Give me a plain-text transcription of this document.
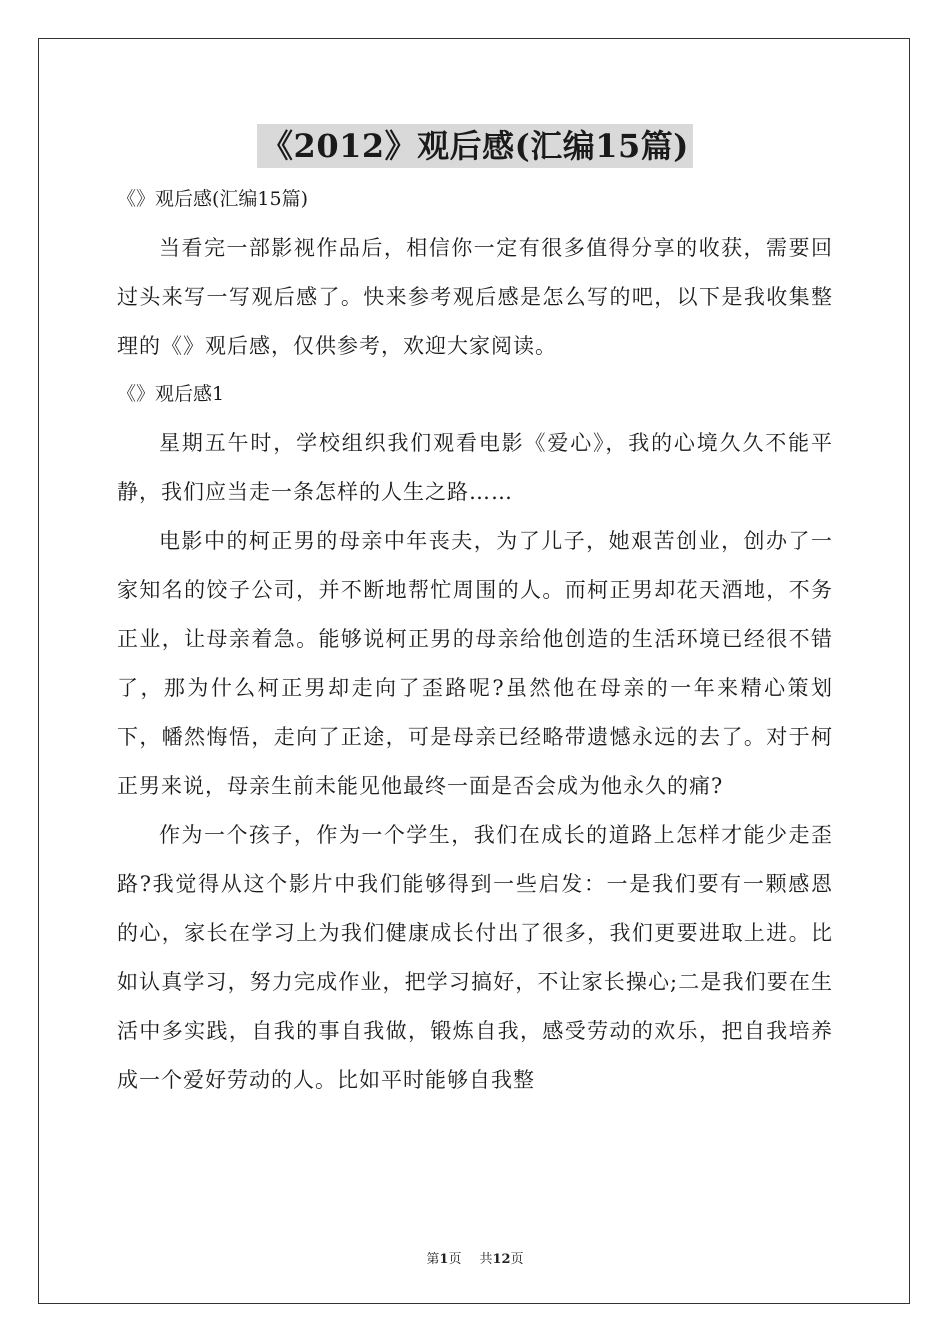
《2012》观后感(汇编15篇)

《》观后感(汇编15篇)

当看完一部影视作品后，相信你一定有很多值得分享的收获，需要回过头来写一写观后感了。快来参考观后感是怎么写的吧，以下是我收集整理的《》观后感，仅供参考，欢迎大家阅读。

《》观后感1

星期五午时，学校组织我们观看电影《爱心》，我的心境久久不能平静，我们应当走一条怎样的人生之路……

电影中的柯正男的母亲中年丧夫，为了儿子，她艰苦创业，创办了一家知名的饺子公司，并不断地帮忙周围的人。而柯正男却花天酒地，不务正业，让母亲着急。能够说柯正男的母亲给他创造的生活环境已经很不错了，那为什么柯正男却走向了歪路呢?虽然他在母亲的一年来精心策划下，幡然悔悟，走向了正途，可是母亲已经略带遗憾永远的去了。对于柯正男来说，母亲生前未能见他最终一面是否会成为他永久的痛?

作为一个孩子，作为一个学生，我们在成长的道路上怎样才能少走歪路?我觉得从这个影片中我们能够得到一些启发：一是我们要有一颗感恩的心，家长在学习上为我们健康成长付出了很多，我们更要进取上进。比如认真学习，努力完成作业，把学习搞好，不让家长操心;二是我们要在生活中多实践，自我的事自我做，锻炼自我，感受劳动的欢乐，把自我培养成一个爱好劳动的人。比如平时能够自我整

第1页 共12页
